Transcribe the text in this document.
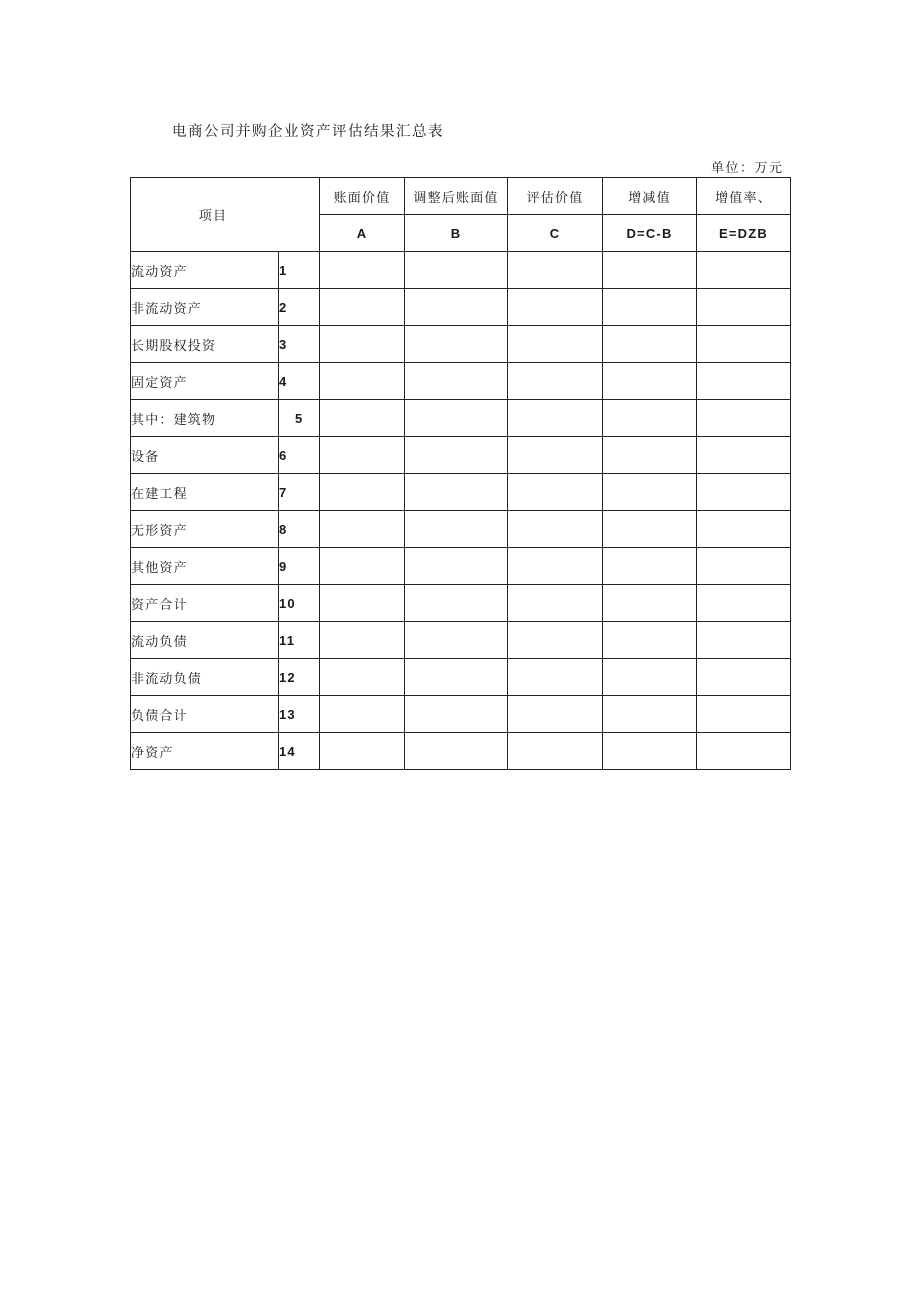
电商公司并购企业资产评估结果汇总表
单位：万元
项目		账面价值	调整后账面值	评估价值	增减值	增值率、
		A	B	C	D=C-B	E=DZB
流动资产	1					
非流动资产	2					
长期股权投资	3					
固定资产	4					
其中：建筑物	5					
设备	6					
在建工程	7					
无形资产	8					
其他资产	9					
资产合计	10					
流动负债	11					
非流动负债	12					
负债合计	13					
净资产	14					
